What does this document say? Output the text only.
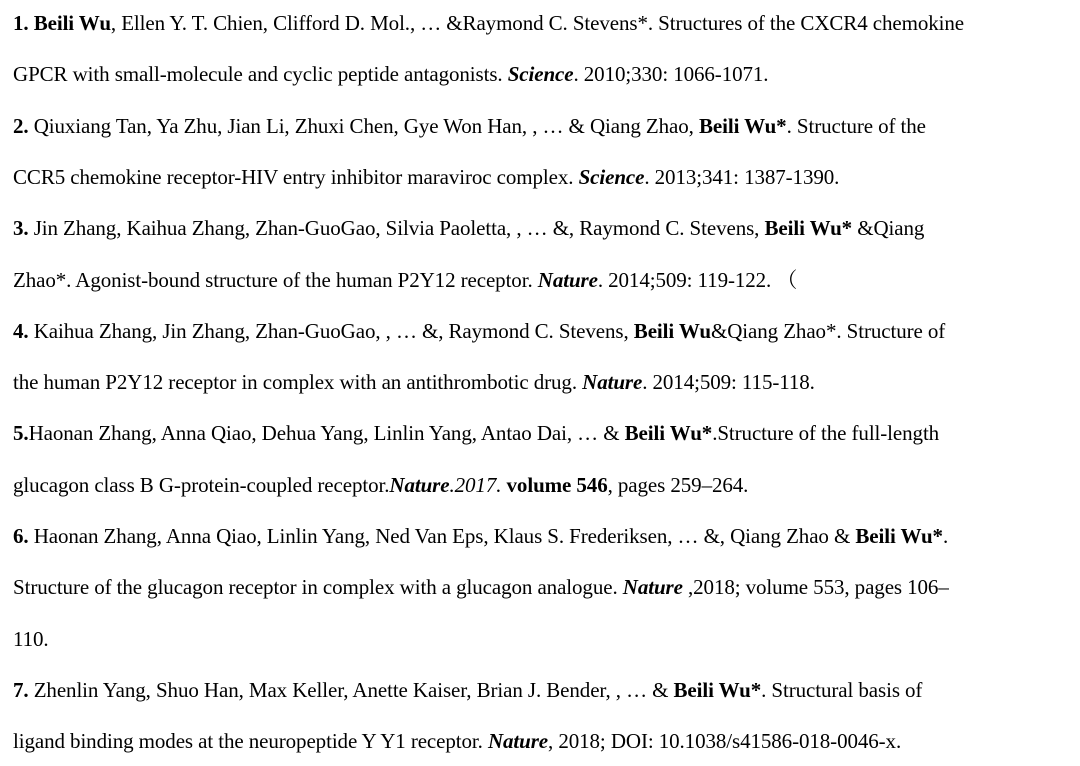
1. Beili Wu, Ellen Y. T. Chien, Clifford D. Mol., … &Raymond C. Stevens*. Structures of the CXCR4 chemokine
GPCR with small-molecule and cyclic peptide antagonists. Science. 2010;330: 1066-1071.
2. Qiuxiang Tan, Ya Zhu, Jian Li, Zhuxi Chen, Gye Won Han, , … & Qiang Zhao, Beili Wu*. Structure of the
CCR5 chemokine receptor-HIV entry inhibitor maraviroc complex. Science. 2013;341: 1387-1390.
3. Jin Zhang, Kaihua Zhang, Zhan-GuoGao, Silvia Paoletta, , … &, Raymond C. Stevens, Beili Wu* &Qiang
Zhao*. Agonist-bound structure of the human P2Y12 receptor. Nature. 2014;509: 119-122. （
4. Kaihua Zhang, Jin Zhang, Zhan-GuoGao, , … &, Raymond C. Stevens, Beili Wu&Qiang Zhao*. Structure of
the human P2Y12 receptor in complex with an antithrombotic drug. Nature. 2014;509: 115-118.
5.Haonan Zhang, Anna Qiao, Dehua Yang, Linlin Yang, Antao Dai, … & Beili Wu*.Structure of the full-length
glucagon class B G-protein-coupled receptor.Nature.2017. volume 546, pages 259–264.
6. Haonan Zhang, Anna Qiao, Linlin Yang, Ned Van Eps, Klaus S. Frederiksen, … &, Qiang Zhao & Beili Wu*.
Structure of the glucagon receptor in complex with a glucagon analogue. Nature ,2018; volume 553, pages 106–
110.
7. Zhenlin Yang, Shuo Han, Max Keller, Anette Kaiser, Brian J. Bender, , … & Beili Wu*. Structural basis of
ligand binding modes at the neuropeptide Y Y1 receptor. Nature, 2018; DOI: 10.1038/s41586-018-0046-x.
